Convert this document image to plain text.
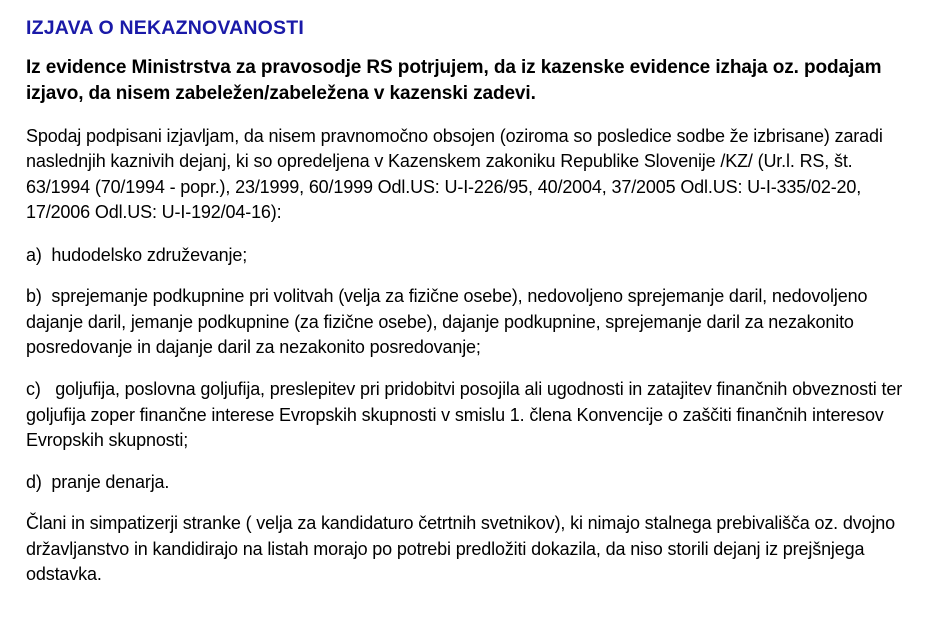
IZJAVA O NEKAZNOVANOSTI

Iz evidence Ministrstva za pravosodje RS potrjujem, da iz kazenske evidence izhaja oz. podajam izjavo, da nisem zabeležen/zabeležena v kazenski zadevi.

Spodaj podpisani izjavljam, da nisem pravnomočno obsojen (oziroma so posledice sodbe že izbrisane) zaradi naslednjih kaznivih dejanj, ki so opredeljena v Kazenskem zakoniku Republike Slovenije /KZ/ (Ur.l. RS, št. 63/1994 (70/1994 - popr.), 23/1999, 60/1999 Odl.US: U-I-226/95, 40/2004, 37/2005 Odl.US: U-I-335/02-20, 17/2006 Odl.US: U-I-192/04-16):

a) hudodelsko združevanje;

b) sprejemanje podkupnine pri volitvah (velja za fizične osebe), nedovoljeno sprejemanje daril, nedovoljeno dajanje daril, jemanje podkupnine (za fizične osebe), dajanje podkupnine, sprejemanje daril za nezakonito posredovanje in dajanje daril za nezakonito posredovanje;

c) goljufija, poslovna goljufija, preslepitev pri pridobitvi posojila ali ugodnosti in zatajitev finančnih obveznosti ter goljufija zoper finančne interese Evropskih skupnosti v smislu 1. člena Konvencije o zaščiti finančnih interesov Evropskih skupnosti;

d) pranje denarja.

Člani in simpatizerji stranke ( velja za kandidaturo četrtnih svetnikov), ki nimajo stalnega prebivališča oz. dvojno državljanstvo in kandidirajo na listah morajo po potrebi predložiti dokazila, da niso storili dejanj iz prejšnjega odstavka.
